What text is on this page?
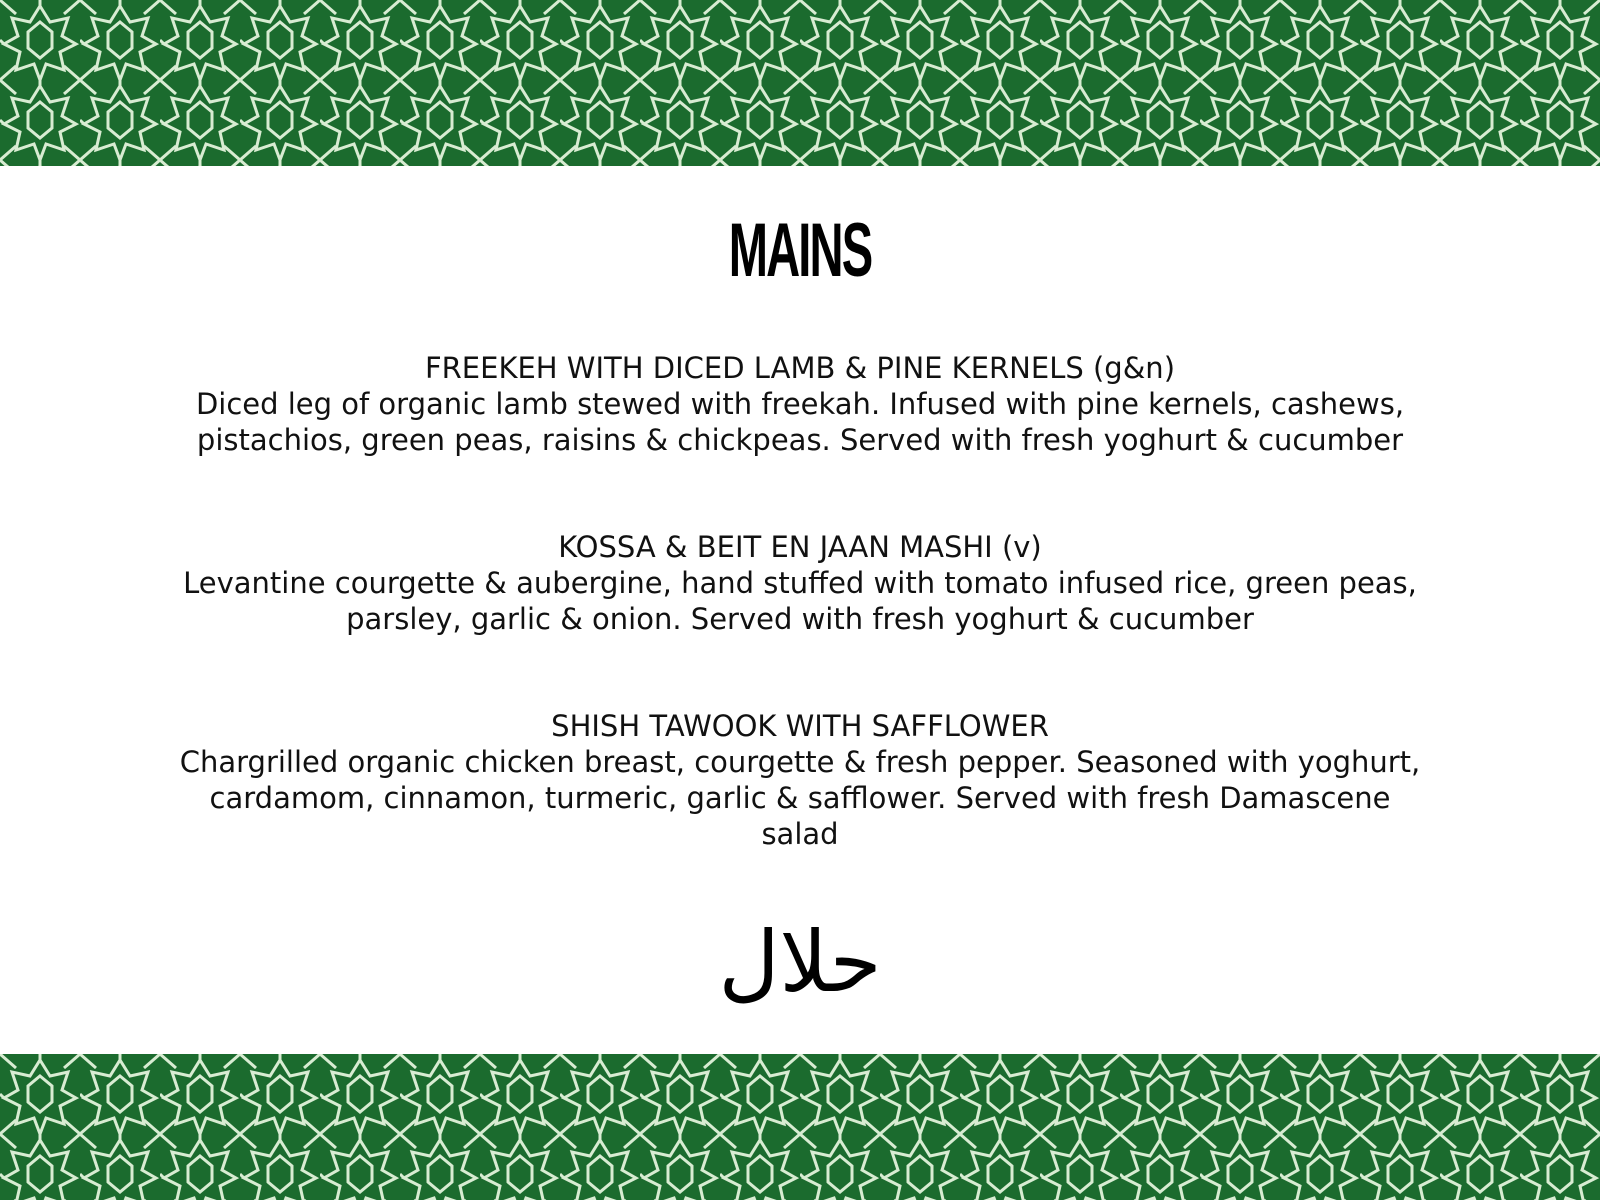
MAINS
FREEKEH WITH DICED LAMB & PINE KERNELS (g&n)
Diced leg of organic lamb stewed with freekah. Infused with pine kernels, cashews,
pistachios, green peas, raisins & chickpeas. Served with fresh yoghurt & cucumber
KOSSA & BEIT EN JAAN MASHI (v)
Levantine courgette & aubergine, hand stuffed with tomato infused rice, green peas,
parsley, garlic & onion. Served with fresh yoghurt & cucumber
SHISH TAWOOK WITH SAFFLOWER
Chargrilled organic chicken breast, courgette & fresh pepper. Seasoned with yoghurt,
cardamom, cinnamon, turmeric, garlic & safflower. Served with fresh Damascene
salad
حلال
